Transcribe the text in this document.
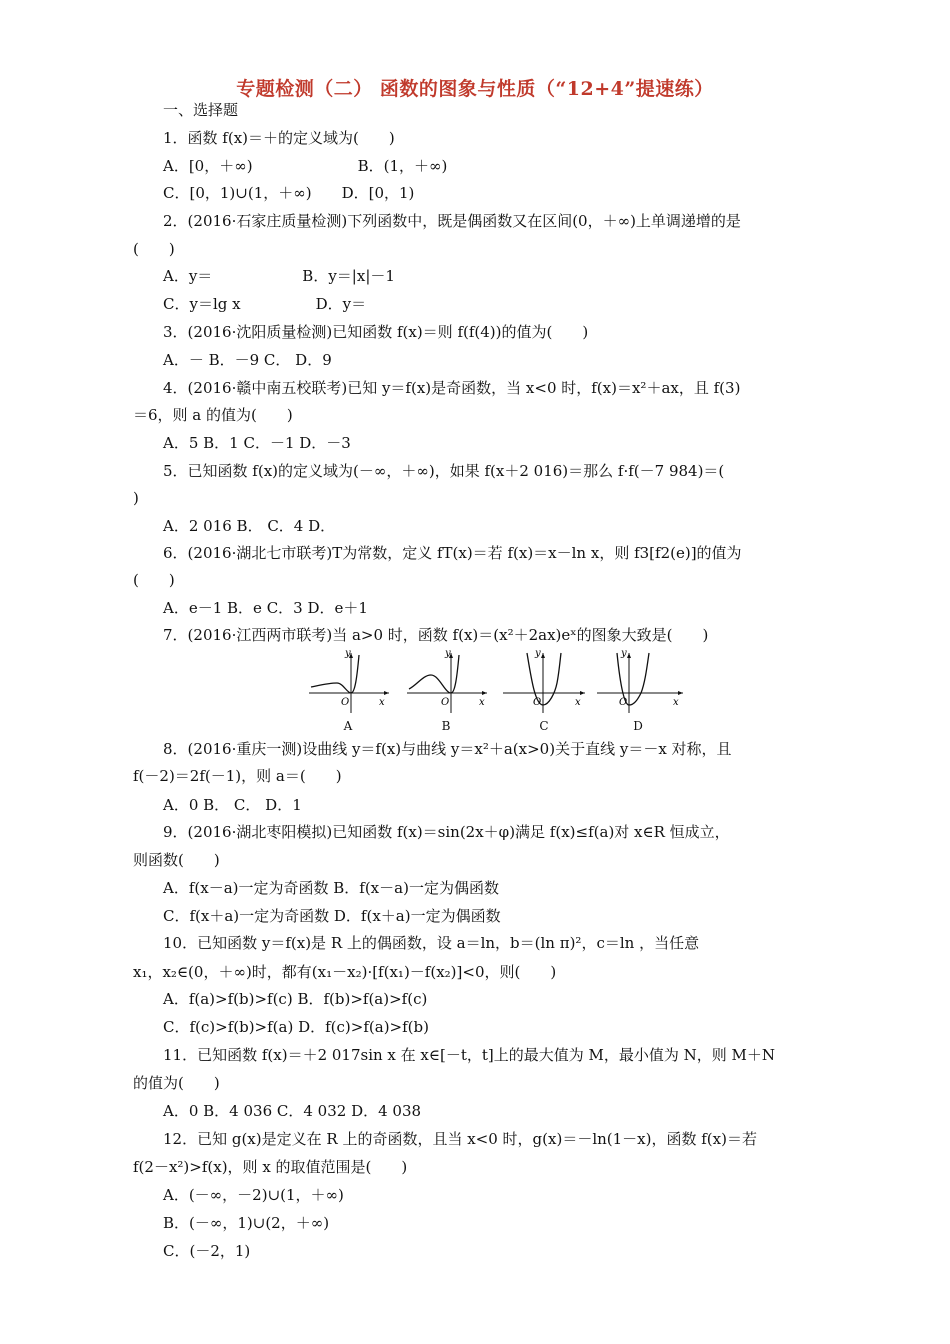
专题检测（二） 函数的图象与性质（“12+4”提速练）
一、选择题
1．函数 f(x)＝＋的定义域为(　　)
A．[0，＋∞)　　　　　　　B．(1，＋∞)
C．[0，1)∪(1，＋∞)　　D．[0，1)
2．(2016·石家庄质量检测)下列函数中，既是偶函数又在区间(0，＋∞)上单调递增的是
(　　)
A．y＝　　　　　　B．y＝|x|－1
C．y＝lg x　　　　　D．y＝
3．(2016·沈阳质量检测)已知函数 f(x)＝则 f(f(4))的值为(　　)
A．－ B．－9 C． D．9
4．(2016·赣中南五校联考)已知 y＝f(x)是奇函数，当 x<0 时，f(x)＝x²＋ax，且 f(3)
＝6，则 a 的值为(　　)
A．5 B．1 C．－1 D．－3
5．已知函数 f(x)的定义域为(－∞，＋∞)，如果 f(x＋2 016)＝那么 f·f(－7 984)＝(
)
A．2 016 B． C．4 D．
6．(2016·湖北七市联考)T为常数，定义 fT(x)＝若 f(x)＝x－ln x，则 f3[f2(e)]的值为
(　　)
A．e－1 B．e C．3 D．e＋1
7．(2016·江西两市联考)当 a>0 时，函数 f(x)＝(x²＋2ax)eˣ的图象大致是(　　)
y
x
O
A
y
x
O
B
y
x
O
C
y
x
O
D
8．(2016·重庆一测)设曲线 y＝f(x)与曲线 y＝x²＋a(x>0)关于直线 y＝－x 对称，且
f(－2)＝2f(－1)，则 a＝(　　)
A．0 B． C． D．1
9．(2016·湖北枣阳模拟)已知函数 f(x)＝sin(2x＋φ)满足 f(x)≤f(a)对 x∈R 恒成立，
则函数(　　)
A．f(x－a)一定为奇函数 B．f(x－a)一定为偶函数
C．f(x＋a)一定为奇函数 D．f(x＋a)一定为偶函数
10．已知函数 y＝f(x)是 R 上的偶函数，设 a＝ln，b＝(ln π)²，c＝ln ，当任意
x₁，x₂∈(0，＋∞)时，都有(x₁－x₂)·[f(x₁)－f(x₂)]<0，则(　　)
A．f(a)>f(b)>f(c) B．f(b)>f(a)>f(c)
C．f(c)>f(b)>f(a) D．f(c)>f(a)>f(b)
11．已知函数 f(x)＝＋2 017sin x 在 x∈[－t，t]上的最大值为 M，最小值为 N，则 M＋N
的值为(　　)
A．0 B．4 036 C．4 032 D．4 038
12．已知 g(x)是定义在 R 上的奇函数，且当 x<0 时，g(x)＝－ln(1－x)，函数 f(x)＝若
f(2－x²)>f(x)，则 x 的取值范围是(　　)
A．(－∞，－2)∪(1，＋∞)
B．(－∞，1)∪(2，＋∞)
C．(－2，1)
